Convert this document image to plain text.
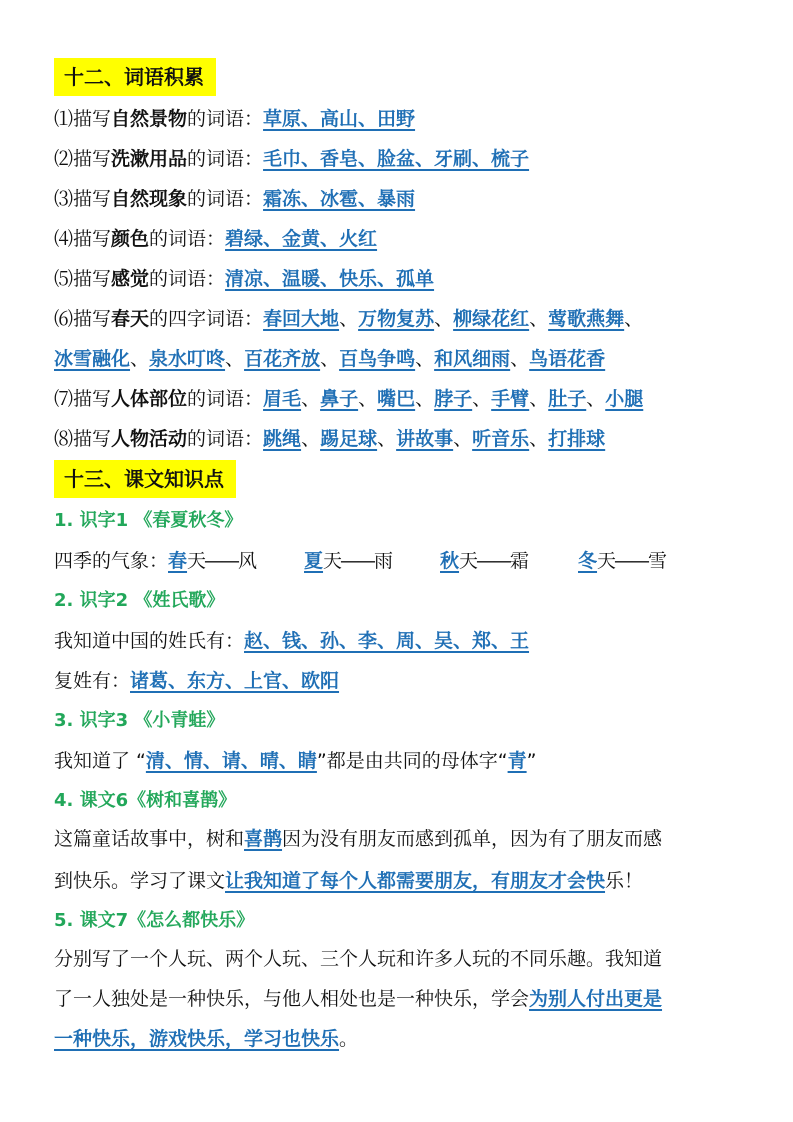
十二、词语积累
⑴描写自然景物的词语：草原、高山、田野
⑵描写洗漱用品的词语：毛巾、香皂、脸盆、牙刷、梳子
⑶描写自然现象的词语：霜冻、冰雹、暴雨
⑷描写颜色的词语：碧绿、金黄、火红
⑸描写感觉的词语：清凉、温暖、快乐、孤单
⑹描写春天的四字词语：春回大地、万物复苏、柳绿花红、莺歌燕舞、
冰雪融化、泉水叮咚、百花齐放、百鸟争鸣、和风细雨、鸟语花香
⑺描写人体部位的词语：眉毛、鼻子、嘴巴、脖子、手臂、肚子、小腿
⑻描写人物活动的词语：跳绳、踢足球、讲故事、听音乐、打排球
十三、课文知识点
1. 识字1 《春夏秋冬》
四季的气象：春天——风	夏天——雨	秋天——霜	冬天——雪
2. 识字2 《姓氏歌》
我知道中国的姓氏有：赵、钱、孙、李、周、吴、郑、王
复姓有：诸葛、东方、上官、欧阳
3. 识字3 《小青蛙》
我知道了 “清、情、请、晴、睛”都是由共同的母体字“青”
4. 课文6《树和喜鹊》
这篇童话故事中，树和喜鹊因为没有朋友而感到孤单，因为有了朋友而感
到快乐。学习了课文让我知道了每个人都需要朋友，有朋友才会快乐！
5. 课文7《怎么都快乐》
分别写了一个人玩、两个人玩、三个人玩和许多人玩的不同乐趣。我知道
了一人独处是一种快乐，与他人相处也是一种快乐，学会为别人付出更是
一种快乐，游戏快乐，学习也快乐。
